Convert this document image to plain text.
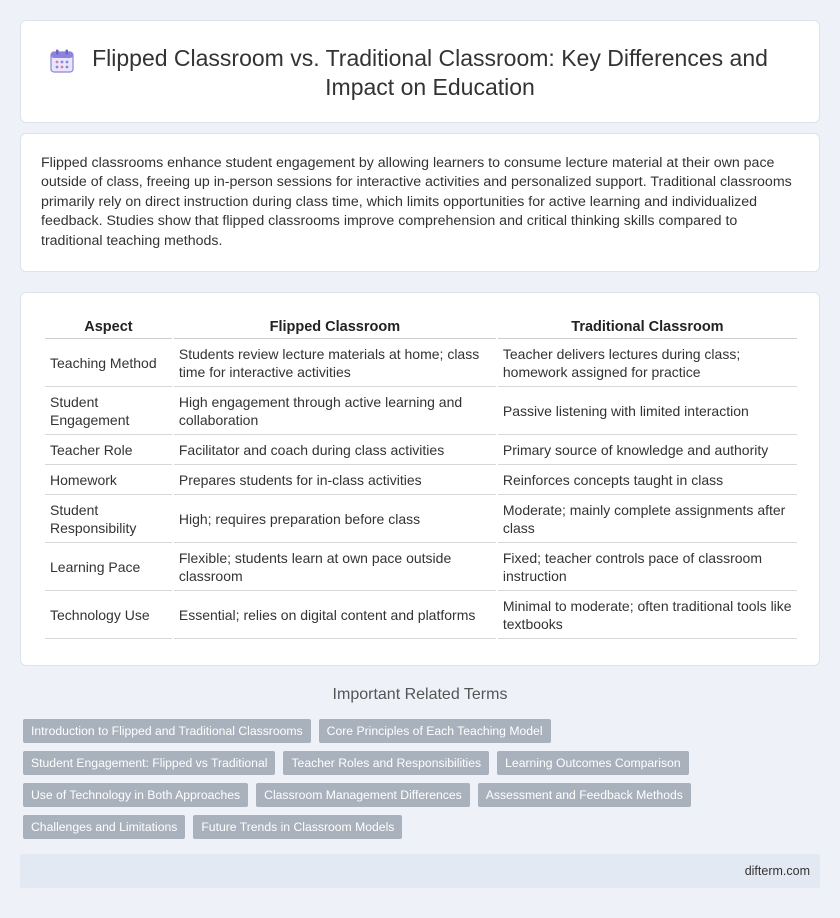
Flipped Classroom vs. Traditional Classroom: Key Differences and Impact on Education

Flipped classrooms enhance student engagement by allowing learners to consume lecture material at their own pace outside of class, freeing up in-person sessions for interactive activities and personalized support. Traditional classrooms primarily rely on direct instruction during class time, which limits opportunities for active learning and individualized feedback. Studies show that flipped classrooms improve comprehension and critical thinking skills compared to traditional teaching methods.

Aspect	Flipped Classroom	Traditional Classroom
Teaching Method	Students review lecture materials at home; class time for interactive activities	Teacher delivers lectures during class; homework assigned for practice
Student Engagement	High engagement through active learning and collaboration	Passive listening with limited interaction
Teacher Role	Facilitator and coach during class activities	Primary source of knowledge and authority
Homework	Prepares students for in-class activities	Reinforces concepts taught in class
Student Responsibility	High; requires preparation before class	Moderate; mainly complete assignments after class
Learning Pace	Flexible; students learn at own pace outside classroom	Fixed; teacher controls pace of classroom instruction
Technology Use	Essential; relies on digital content and platforms	Minimal to moderate; often traditional tools like textbooks
Important Related Terms
Introduction to Flipped and Traditional Classrooms	Core Principles of Each Teaching Model
Student Engagement: Flipped vs Traditional	Teacher Roles and Responsibilities	Learning Outcomes Comparison
Use of Technology in Both Approaches	Classroom Management Differences	Assessment and Feedback Methods
Challenges and Limitations	Future Trends in Classroom Models
difterm.com
